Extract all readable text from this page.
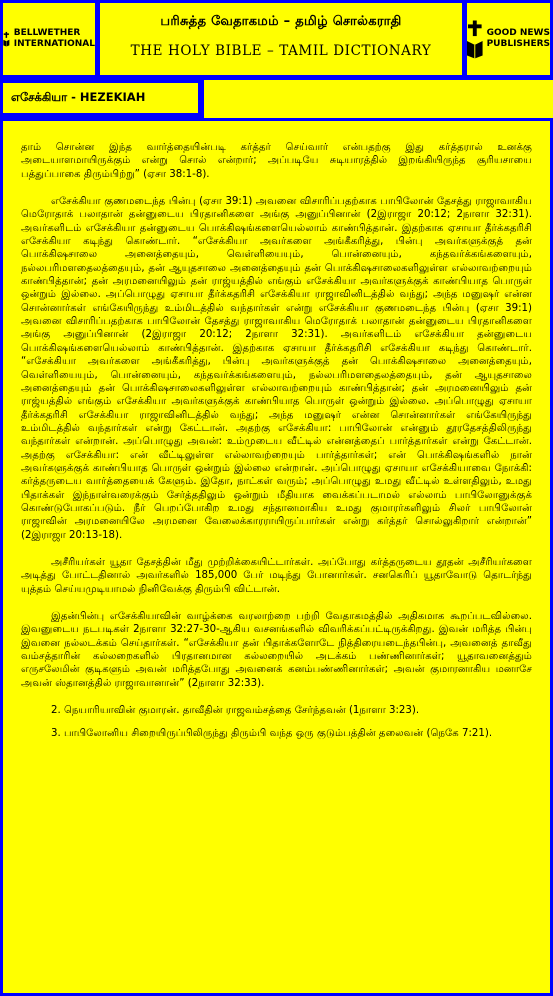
BELLWETHER
INTERNATIONAL
பரிசுத்த வேதாகமம் – தமிழ் சொல்கராதி
THE HOLY BIBLE – TAMIL DICTIONARY
GOOD NEWS
PUBLISHERS
எசேக்கியா - HEZEKIAH

தாம் சொன்ன இந்த வார்த்தையின்படி கர்த்தர் செய்வார் என்பதற்கு இது கர்த்தரால் உனக்கு அடையாளமாயிருக்கும் என்று சொல் என்றார்; அப்படியே சுடியாரத்தில் இறங்கியிருந்த சூரியசாயை பத்துப்பாகை திரும்பிற்று” (ஏசா 38:1-8).

எசேக்கியா குணமடைந்த பின்பு (ஏசா 39:1) அவனை விசாரிப்பதற்காக பாபிலோன் தேசத்து ராஜாவாகிய மெரோதாக் பலாதான் தன்னுடைய பிரதானிகளை அங்கு அனுப்பினான் (2இராஜா 20:12; 2நாளா 32:31). அவர்களிடம் எசேக்கியா தன்னுடைய பொக்கிஷங்களையெல்லாம் காண்பித்தான். இதற்காக ஏசாயா தீர்க்கதரிசி எசேக்கியா கடிந்து கொண்டார். “எசேக்கியா அவர்களை அங்கீகரித்து, பின்பு அவர்களுக்குத் தன் பொக்கிஷசாலை அனைத்தையும், வெள்ளியையும், பொன்னையும், கந்தவர்க்கங்களையும், நல்லபரிமளதைலத்தையும், தன் ஆயுதசாலை அனைத்தையும் தன் பொக்கிஷசாலைகளிலுள்ள எல்லாவற்றையும் காண்பித்தான்; தன் அரமனையிலும் தன் ராஜ்யத்தில் எங்கும் எசேக்கியா அவர்களுக்குக் காண்பியாத பொருள் ஒன்றும் இல்லை. அப்பொழுது ஏசாயா தீர்க்கதரிசி எசேக்கியா ராஜாவினிடத்தில் வந்து; அந்த மனுஷர் என்ன சொன்னார்கள் எங்கேயிருந்து உம்மிடத்தில் வந்தார்கள் என்று எசேக்கியா குணமடைந்த பின்பு (ஏசா 39:1) அவனை விசாரிப்பதற்காக பாபிலோன் தேசத்து ராஜாவாகிய மெரோதாக் பலாதான் தன்னுடைய பிரதானிகளை அங்கு அனுப்பினான் (2இராஜா 20:12; 2நாளா 32:31). அவர்களிடம் எசேக்கியா தன்னுடைய பொக்கிஷங்களையெல்லாம் காண்பித்தான். இதற்காக ஏசாயா தீர்க்கதரிசி எசேக்கியா கடிந்து கொண்டார். “எசேக்கியா அவர்களை அங்கீகரித்து, பின்பு அவர்களுக்குத் தன் பொக்கிஷசாலை அனைத்தையும், வெள்ளியையும், பொன்னையும், கந்தவர்க்கங்களையும், நல்லபரிமளதைலத்தையும், தன் ஆயுதசாலை அனைத்தையும் தன் பொக்கிஷசாலைகளிலுள்ள எல்லாவற்றையும் காண்பித்தான்; தன் அரமனையிலும் தன் ராஜ்யத்தில் எங்கும் எசேக்கியா அவர்களுக்குக் காண்பியாத பொருள் ஒன்றும் இல்லை. அப்பொழுது ஏசாயா தீர்க்கதரிசி எசேக்கியா ராஜாவினிடத்தில் வந்து; அந்த மனுஷர் என்ன சொன்னார்கள் எங்கேயிருந்து உம்மிடத்தில் வந்தார்கள் என்று கேட்டான். அதற்கு எசேக்கியா: பாபிலோன் என்னும் தூரதேசத்திலிருந்து வந்தார்கள் என்றான். அப்பொழுது அவன்: உம்முடைய வீட்டில் என்னத்தைப் பார்த்தார்கள் என்று கேட்டான். அதற்கு எசேக்கியா: என் வீட்டிலுள்ள எல்லாவற்றையும் பார்த்தார்கள்; என் பொக்கிஷங்களில் நான் அவர்களுக்குக் காண்பியாத பொருள் ஒன்றும் இல்லை என்றான். அப்பொழுது ஏசாயா எசேக்கியாவை நோக்கி: கர்த்தருடைய வார்த்தையைக் கேளும். இதோ, நாட்கள் வரும்; அப்பொழுது உமது வீட்டில் உள்ளதிலும், உமது பிதாக்கள் இந்நாள்வரைக்கும் சேர்த்ததிலும் ஒன்றும் மீதியாக வைக்கப்படாமல் எல்லாம் பாபிலோனுக்குக் கொண்டுபோகப்படும். நீர் பெறப்போகிற உமது சந்தானமாகிய உமது குமாரர்களிலும் சிலர் பாபிலோன் ராஜாவின் அரமனையிலே அரமனை வேலைக்காரராயிருப்பார்கள் என்று கர்த்தர் சொல்லுகிறார் என்றான்” (2இராஜா 20:13-18).

அசீரியர்கள் யூதா தேசத்தின் மீது முற்றிக்கையிட்டார்கள். அப்போது கர்த்தருடைய தூதன் அசீரியர்களை அடித்து போட்டதினால் அவர்களில் 185,000 பேர் மடிந்து போனார்கள். சனகெரிப் யூதாவோடு தொடர்ந்து யுத்தம் செய்யமுடியாமல் நினிவேக்கு திரும்பி விட்டான்.

இதன்பின்பு எசேக்கியாவின் வாழ்க்கை வரலாற்றை பற்றி வேதாகமத்தில் அதிகமாக கூறப்படவில்லை. இவனுடைய நடபடிகள் 2நாளா 32:27-30-ஆகிய வசனங்களில் விவரிக்கப்பட்டிருக்கிறது. இவன் மரித்த பின்பு இவனை நல்லடக்கம் செய்தார்கள். “எசேக்கியா தன் பிதாக்களோடே நித்திரையடைந்தபின்பு, அவனைத் தாவீது வம்சத்தாரின் கல்லறைகளில் பிரதானமான கல்லறையில் அடக்கம் பண்ணினார்கள்; யூதாவனைத்தும் எருசலேமின் குடிகளும் அவன் மரித்தபோது அவனைக் கனம்பண்ணினார்கள்; அவன் குமாரனாகிய மனாசே அவன் ஸ்தானத்தில் ராஜாவானான்” (2நாளா 32:33).

2. நெயாரியாவின் குமாரன். தாவீதின் ராஜவம்சத்தை சேர்ந்தவன் (1நாளா 3:23).

3. பாபிலோனிய சிறையிருப்பிலிருந்து திரும்பி வந்த ஒரு குடும்பத்தின் தலைவன் (நெகே 7:21).
